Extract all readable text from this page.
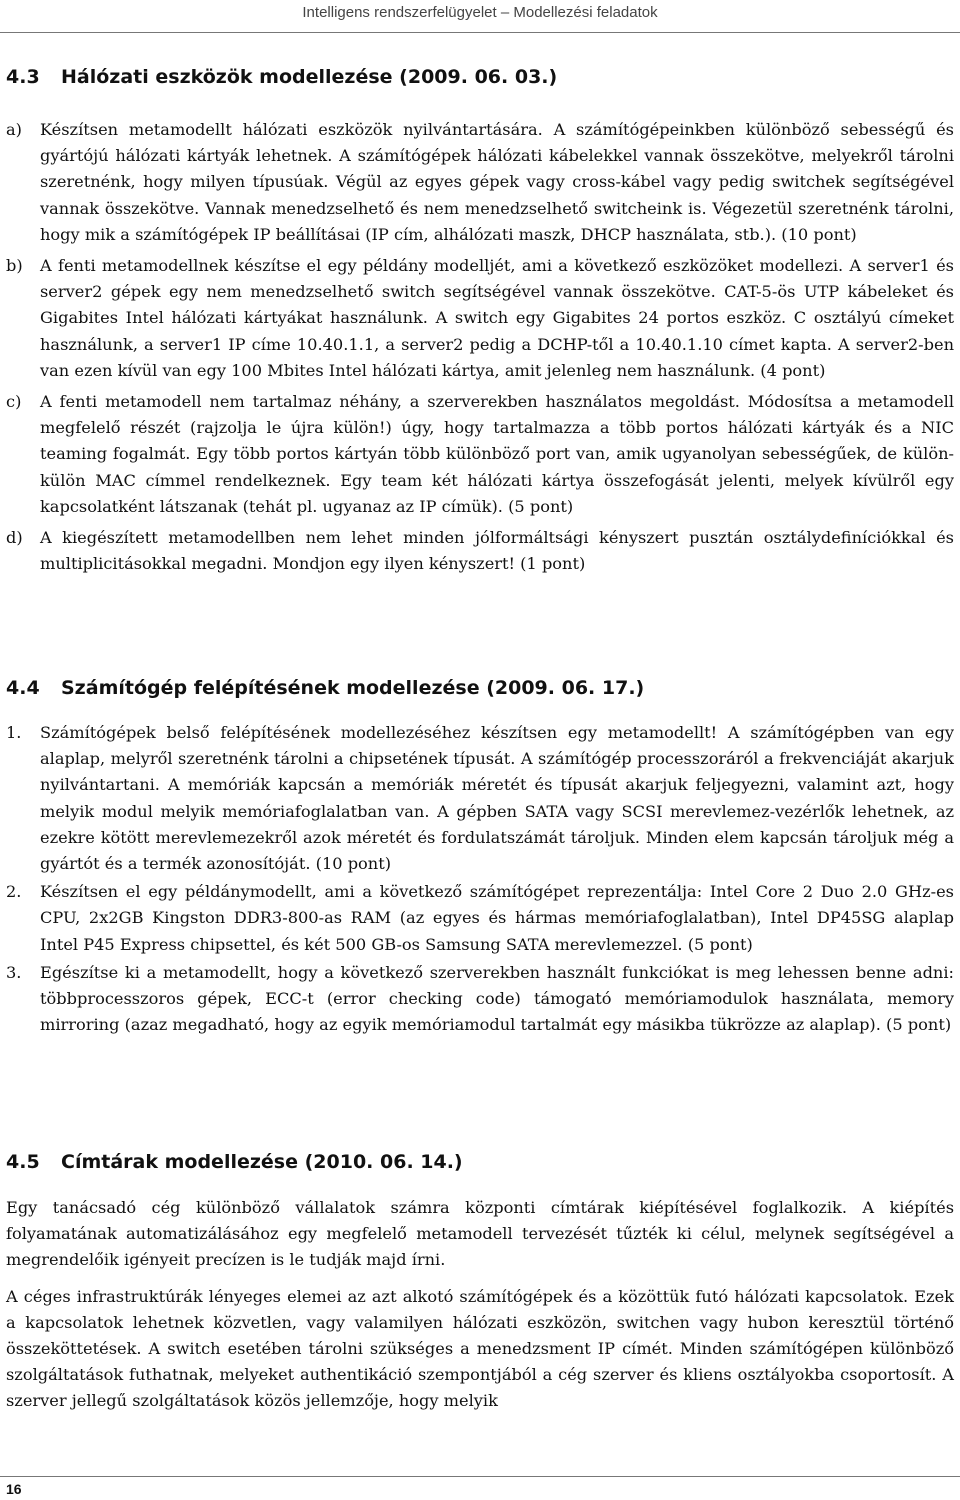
Intelligens rendszerfelügyelet – Modellezési feladatok
4.3 Hálózati eszközök modellezése (2009. 06. 03.)
a)	Készítsen metamodellt hálózati eszközök nyilvántartására. A számítógépeinkben különböző sebességű és gyártójú hálózati kártyák lehetnek. A számítógépek hálózati kábelekkel vannak összekötve, melyekről tárolni szeretnénk, hogy milyen típusúak. Végül az egyes gépek vagy cross-kábel vagy pedig switchek segítségével vannak összekötve. Vannak menedzselhető és nem menedzselhető switcheink is. Végezetül szeretnénk tárolni, hogy mik a számítógépek IP beállításai (IP cím, alhálózati maszk, DHCP használata, stb.). (10 pont)
b)	A fenti metamodellnek készítse el egy példány modelljét, ami a következő eszközöket modellezi. A server1 és server2 gépek egy nem menedzselhető switch segítségével vannak összekötve. CAT-5-ös UTP kábeleket és Gigabites Intel hálózati kártyákat használunk. A switch egy Gigabites 24 portos eszköz. C osztályú címeket használunk, a server1 IP címe 10.40.1.1, a server2 pedig a DCHP-től a 10.40.1.10 címet kapta. A server2-ben van ezen kívül van egy 100 Mbites Intel hálózati kártya, amit jelenleg nem használunk. (4 pont)
c)	A fenti metamodell nem tartalmaz néhány, a szerverekben használatos megoldást. Módosítsa a metamodell megfelelő részét (rajzolja le újra külön!) úgy, hogy tartalmazza a több portos hálózati kártyák és a NIC teaming fogalmát. Egy több portos kártyán több különböző port van, amik ugyanolyan sebességűek, de külön-külön MAC címmel rendelkeznek. Egy team két hálózati kártya összefogását jelenti, melyek kívülről egy kapcsolatként látszanak (tehát pl. ugyanaz az IP címük). (5 pont)
d)	A kiegészített metamodellben nem lehet minden jólformáltsági kényszert pusztán osztálydefiníciókkal és multiplicitásokkal megadni. Mondjon egy ilyen kényszert! (1 pont)
4.4 Számítógép felépítésének modellezése (2009. 06. 17.)
1.	Számítógépek belső felépítésének modellezéséhez készítsen egy metamodellt! A számítógépben van egy alaplap, melyről szeretnénk tárolni a chipsetének típusát. A számítógép processzoráról a frekvenciáját akarjuk nyilvántartani. A memóriák kapcsán a memóriák méretét és típusát akarjuk feljegyezni, valamint azt, hogy melyik modul melyik memóriafoglalatban van. A gépben SATA vagy SCSI merevlemez-vezérlők lehetnek, az ezekre kötött merevlemezekről azok méretét és fordulatszámát tároljuk. Minden elem kapcsán tároljuk még a gyártót és a termék azonosítóját. (10 pont)
2.	Készítsen el egy példánymodellt, ami a következő számítógépet reprezentálja: Intel Core 2 Duo 2.0 GHz-es CPU, 2x2GB Kingston DDR3-800-as RAM (az egyes és hármas memóriafoglalatban), Intel DP45SG alaplap Intel P45 Express chipsettel, és két 500 GB-os Samsung SATA merevlemezzel. (5 pont)
3.	Egészítse ki a metamodellt, hogy a következő szerverekben használt funkciókat is meg lehessen benne adni: többprocesszoros gépek, ECC-t (error checking code) támogató memóriamodulok használata, memory mirroring (azaz megadható, hogy az egyik memóriamodul tartalmát egy másikba tükrözze az alaplap). (5 pont)
4.5 Címtárak modellezése (2010. 06. 14.)

Egy tanácsadó cég különböző vállalatok számra központi címtárak kiépítésével foglalkozik. A kiépítés folyamatának automatizálásához egy megfelelő metamodell tervezését tűzték ki célul, melynek segítségével a megrendelőik igényeit precízen is le tudják majd írni.

A céges infrastruktúrák lényeges elemei az azt alkotó számítógépek és a közöttük futó hálózati kapcsolatok. Ezek a kapcsolatok lehetnek közvetlen, vagy valamilyen hálózati eszközön, switchen vagy hubon keresztül történő összeköttetések. A switch esetében tárolni szükséges a menedzsment IP címét. Minden számítógépen különböző szolgáltatások futhatnak, melyeket authentikáció szempontjából a cég szerver és kliens osztályokba csoportosít. A szerver jellegű szolgáltatások közös jellemzője, hogy melyik

16
